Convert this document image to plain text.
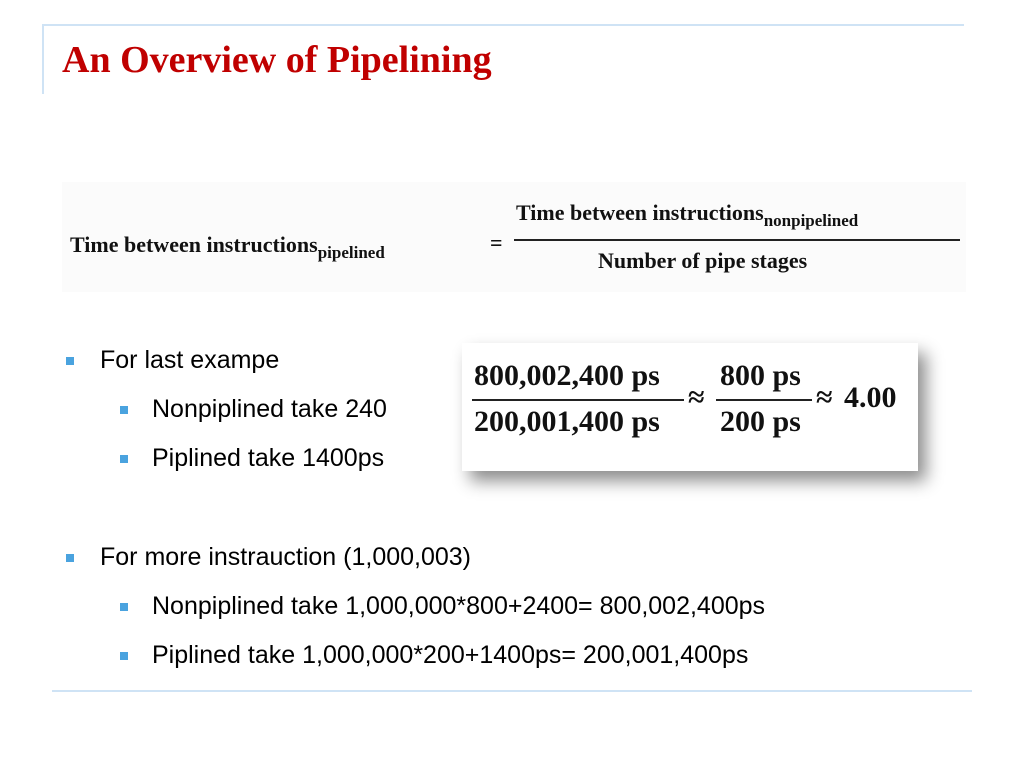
An Overview of Pipelining
Time between instructions$_{pipelined}$	=
Time between instructions$_{nonpipelined}$
Number of pipe stages
For last exampe
Nonpiplined take 240
Piplined take 1400ps
For more instrauction (1,000,003)
Nonpiplined take 1,000,000*800+2400= 800,002,400ps
Piplined take 1,000,000*200+1400ps= 200,001,400ps
800,002,400 ps
200,001,400 ps
≈
800 ps
200 ps
≈ 4.00
